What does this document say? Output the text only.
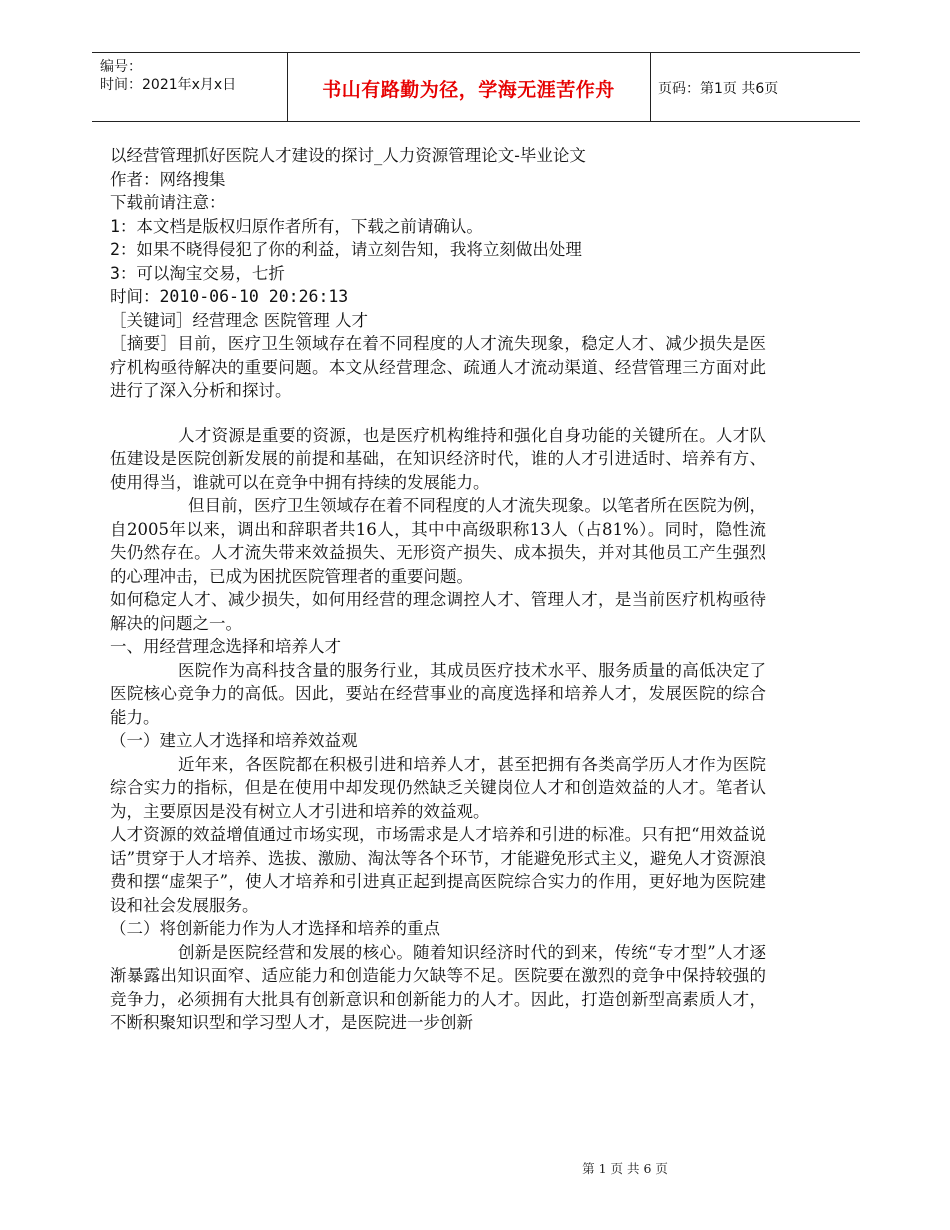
编号：
时间：2021年x月x日	书山有路勤为径，学海无涯苦作舟	页码：第1页 共6页

以经营管理抓好医院人才建设的探讨_人力资源管理论文-毕业论文

作者：网络搜集

下载前请注意：

1：本文档是版权归原作者所有，下载之前请确认。

2：如果不晓得侵犯了你的利益，请立刻告知，我将立刻做出处理

3：可以淘宝交易，七折

时间：2010-06-10 20:26:13

［关键词］经营理念 医院管理 人才

［摘要］目前，医疗卫生领域存在着不同程度的人才流失现象，稳定人才、减少损失是医疗机构亟待解决的重要问题。本文从经营理念、疏通人才流动渠道、经营管理三方面对此进行了深入分析和探讨。

人才资源是重要的资源，也是医疗机构维持和强化自身功能的关键所在。人才队伍建设是医院创新发展的前提和基础，在知识经济时代，谁的人才引进适时、培养有方、使用得当，谁就可以在竞争中拥有持续的发展能力。

但目前，医疗卫生领域存在着不同程度的人才流失现象。以笔者所在医院为例，自2005年以来，调出和辞职者共16人，其中中高级职称13人（占81%）。同时，隐性流失仍然存在。人才流失带来效益损失、无形资产损失、成本损失，并对其他员工产生强烈的心理冲击，已成为困扰医院管理者的重要问题。

如何稳定人才、减少损失，如何用经营的理念调控人才、管理人才，是当前医疗机构亟待解决的问题之一。

一、用经营理念选择和培养人才

医院作为高科技含量的服务行业，其成员医疗技术水平、服务质量的高低决定了医院核心竞争力的高低。因此，要站在经营事业的高度选择和培养人才，发展医院的综合能力。

（一）建立人才选择和培养效益观

近年来，各医院都在积极引进和培养人才，甚至把拥有各类高学历人才作为医院综合实力的指标，但是在使用中却发现仍然缺乏关键岗位人才和创造效益的人才。笔者认为，主要原因是没有树立人才引进和培养的效益观。

人才资源的效益增值通过市场实现，市场需求是人才培养和引进的标准。只有把“用效益说话”贯穿于人才培养、选拔、激励、淘汰等各个环节，才能避免形式主义，避免人才资源浪费和摆“虚架子”，使人才培养和引进真正起到提高医院综合实力的作用，更好地为医院建设和社会发展服务。

（二）将创新能力作为人才选择和培养的重点

创新是医院经营和发展的核心。随着知识经济时代的到来，传统“专才型”人才逐渐暴露出知识面窄、适应能力和创造能力欠缺等不足。医院要在激烈的竞争中保持较强的竞争力，必须拥有大批具有创新意识和创新能力的人才。因此，打造创新型高素质人才，不断积聚知识型和学习型人才，是医院进一步创新

第 1 页 共 6 页
